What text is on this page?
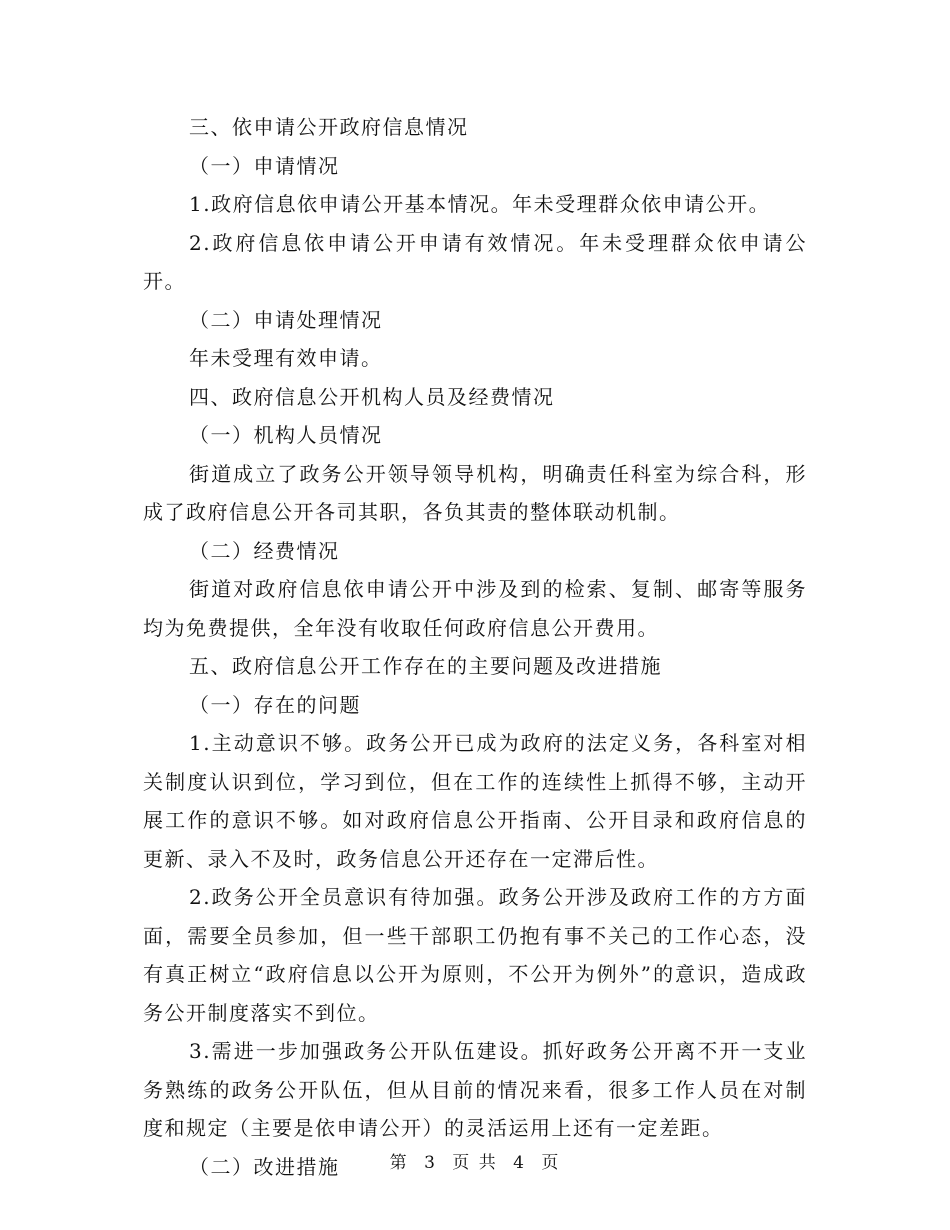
三、依申请公开政府信息情况

（一）申请情况

1.政府信息依申请公开基本情况。年未受理群众依申请公开。

2.政府信息依申请公开申请有效情况。年未受理群众依申请公开。

（二）申请处理情况

年未受理有效申请。

四、政府信息公开机构人员及经费情况

（一）机构人员情况

街道成立了政务公开领导领导机构，明确责任科室为综合科，形成了政府信息公开各司其职，各负其责的整体联动机制。

（二）经费情况

街道对政府信息依申请公开中涉及到的检索、复制、邮寄等服务均为免费提供，全年没有收取任何政府信息公开费用。

五、政府信息公开工作存在的主要问题及改进措施

（一）存在的问题

1.主动意识不够。政务公开已成为政府的法定义务，各科室对相关制度认识到位，学习到位，但在工作的连续性上抓得不够，主动开展工作的意识不够。如对政府信息公开指南、公开目录和政府信息的更新、录入不及时，政务信息公开还存在一定滞后性。

2.政务公开全员意识有待加强。政务公开涉及政府工作的方方面面，需要全员参加，但一些干部职工仍抱有事不关己的工作心态，没有真正树立“政府信息以公开为原则，不公开为例外”的意识，造成政务公开制度落实不到位。

3.需进一步加强政务公开队伍建设。抓好政务公开离不开一支业务熟练的政务公开队伍，但从目前的情况来看，很多工作人员在对制度和规定（主要是依申请公开）的灵活运用上还有一定差距。

（二）改进措施	第 3 页 共 4 页
